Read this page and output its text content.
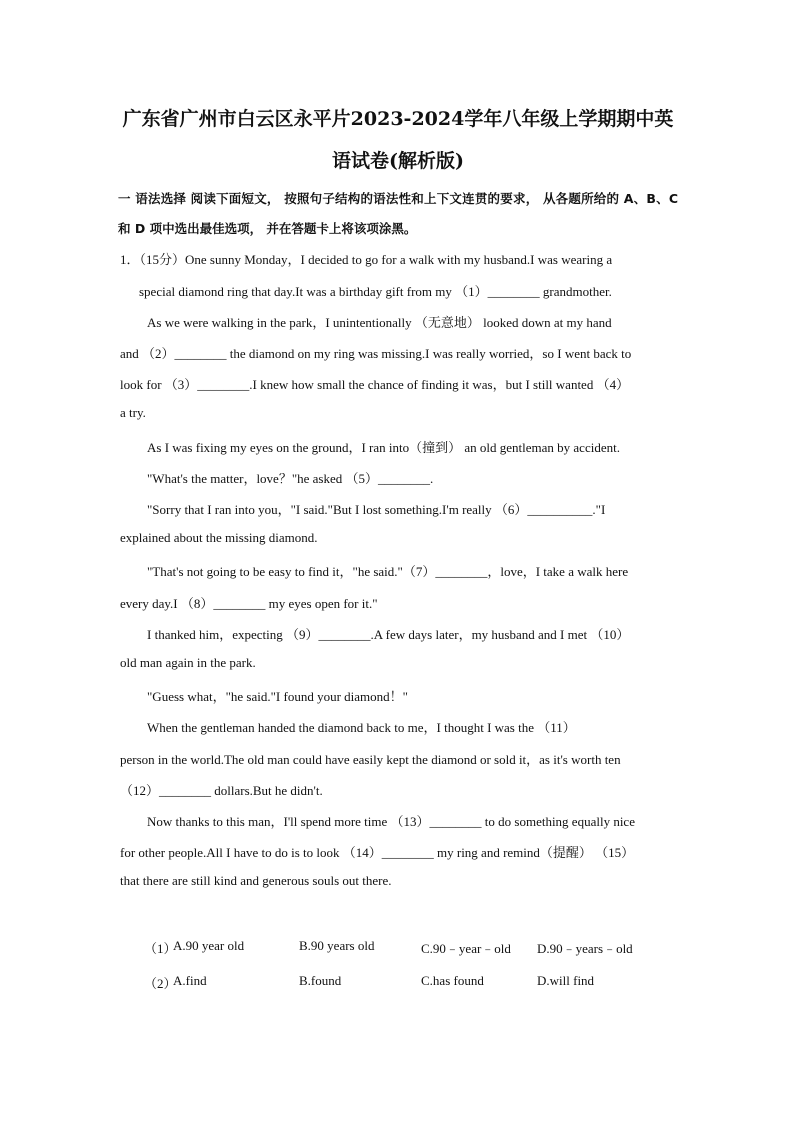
广东省广州市白云区永平片2023-2024学年八年级上学期期中英
语试卷(解析版)
一 语法选择 阅读下面短文， 按照句子结构的语法性和上下文连贯的要求， 从各题所给的 A、B、C 和 D 项中选出最佳选项， 并在答题卡上将该项涂黑。
1．（15分）One sunny Monday，I decided to go for a walk with my husband.I was wearing a
special diamond ring that day.It was a birthday gift from my （1）________ grandmother.
As we were walking in the park，I unintentionally （无意地） looked down at my hand
and （2）________ the diamond on my ring was missing.I was really worried，so I went back to
look for （3）________.I knew how small the chance of finding it was，but I still wanted （4）
a try.
As I was fixing my eyes on the ground，I ran into（撞到） an old gentleman by accident.
"What's the matter，love？"he asked （5）________.
"Sorry that I ran into you，"I said."But I lost something.I'm really （6）__________."I
explained about the missing diamond.
"That's not going to be easy to find it，"he said."（7）________，love，I take a walk here
every day.I （8）________ my eyes open for it."
I thanked him，expecting （9）________.A few days later，my husband and I met （10）
old man again in the park.
"Guess what，"he said."I found your diamond！"
When the gentleman handed the diamond back to me，I thought I was the （11）
person in the world.The old man could have easily kept the diamond or sold it，as it's worth ten
（12）________ dollars.But he didn't.
Now thanks to this man，I'll spend more time （13）________ to do something equally nice
for other people.All I have to do is to look （14）________ my ring and remind（提醒） （15）
that there are still kind and generous souls out there.
（1）
A.90 year old	B.90 years old	C.90﹣year﹣old D.90﹣years﹣old
（2）
A.find	B.found	C.has found	D.will find
